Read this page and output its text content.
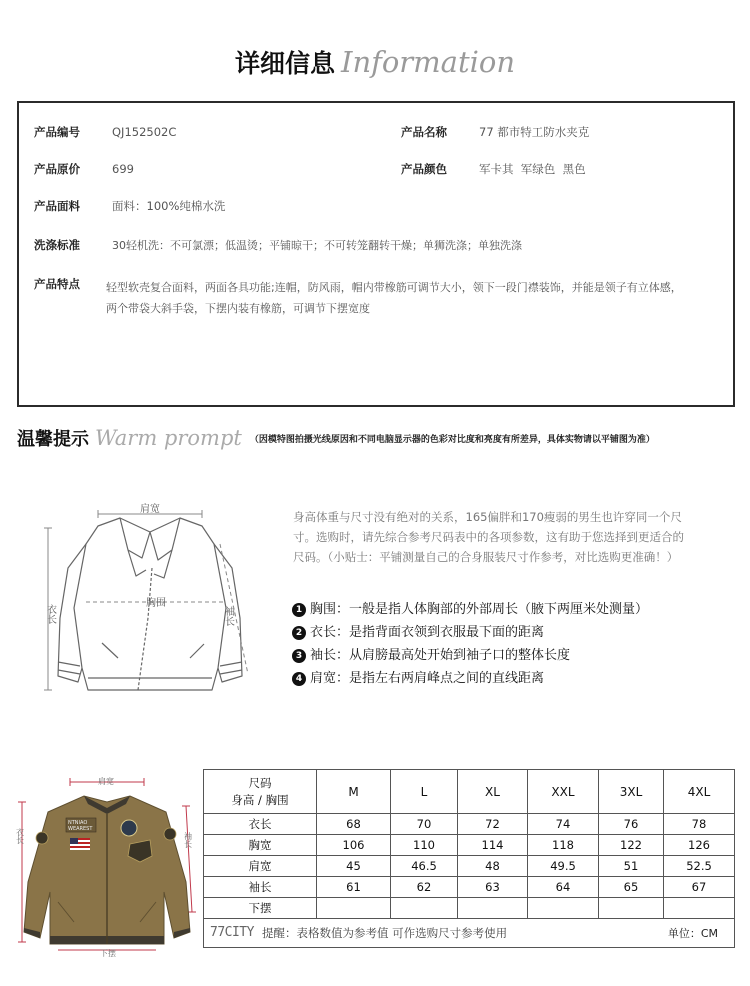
详细信息 Information
产品编号	QJ152502C	产品名称	77 都市特工防水夹克
产品原价	699	产品颜色	军卡其  军绿色  黑色
产品面料	面料：100%纯棉水洗
洗涤标准	30轻机洗：不可氯漂；低温烫；平铺晾干；不可转笼翻转干燥；单狮洗涤；单独洗涤
产品特点	轻型软壳复合面料，两面各具功能;连帽，防风雨，帽内带橡筋可调节大小，领下一段门襟装饰，并能是领子有立体感，
两个带袋大斜手袋，下摆内装有橡筋，可调节下摆宽度
温馨提示 Warm prompt （因模特图拍摄光线原因和不同电脑显示器的色彩对比度和亮度有所差异，具体实物请以平铺图为准）
肩宽
胸围
衣长	袖长
身高体重与尺寸没有绝对的关系，165偏胖和170瘦弱的男生也许穿同一个尺寸。选购时，请先综合参考尺码表中的各项参数，这有助于您选择到更适合的尺码。（小贴士：平铺测量自己的合身服装尺寸作参考，对比选购更准确！）
1 胸围：一般是指人体胸部的外部周长（腋下两厘米处测量）
2 衣长：是指背面衣领到衣服最下面的距离
3 袖长：从肩膀最高处开始到袖子口的整体长度
4 肩宽：是指左右两肩峰点之间的直线距离
肩宽
衣长	袖长
下摆
NTNIAO
WEAREST
尺码
身高 / 胸围	M	L	XL	XXL	3XL	4XL
衣长	68	70	72	74	76	78
胸宽	106	110	114	118	122	126
肩宽	45	46.5	48	49.5	51	52.5
袖长	61	62	63	64	65	67
下摆						

77CITY 提醒：表格数值为参考值 可作选购尺寸参考使用 单位：CM						
